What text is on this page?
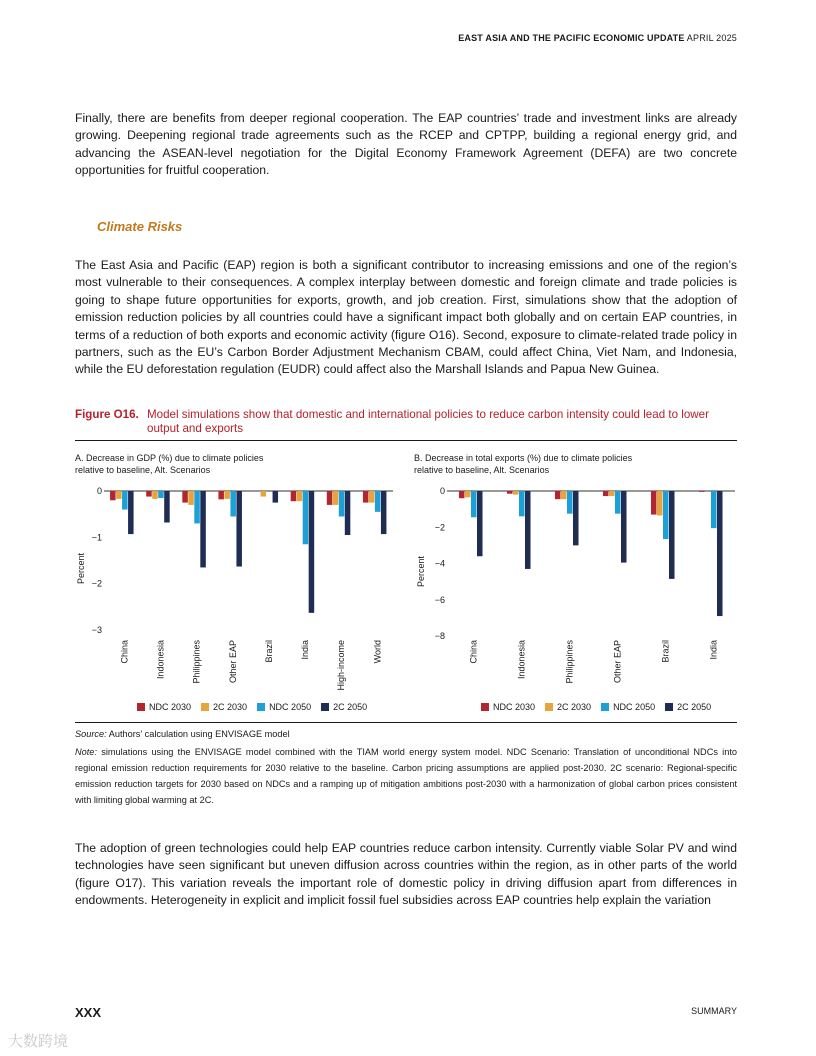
EAST ASIA AND THE PACIFIC ECONOMIC UPDATE APRIL 2025

Finally, there are benefits from deeper regional cooperation. The EAP countries’ trade and investment links are already growing. Deepening regional trade agreements such as the RCEP and CPTPP, building a regional energy grid, and advancing the ASEAN-level negotiation for the Digital Economy Framework Agreement (DEFA) are two concrete opportunities for fruitful cooperation.

Climate Risks

The East Asia and Pacific (EAP) region is both a significant contributor to increasing emissions and one of the region’s most vulnerable to their consequences. A complex interplay between domestic and foreign climate and trade policies is going to shape future opportunities for exports, growth, and job creation. First, simulations show that the adoption of emission reduction policies by all countries could have a significant impact both globally and on certain EAP countries, in terms of a reduction of both exports and economic activity (figure O16). Second, exposure to climate-related trade policy in partners, such as the EU’s Carbon Border Adjustment Mechanism CBAM, could affect China, Viet Nam, and Indonesia, while the EU deforestation regulation (EUDR) could affect also the Marshall Islands and Papua New Guinea.

Figure O16. Model simulations show that domestic and international policies to reduce carbon intensity could lead to lower output and exports
A. Decrease in GDP (%) due to climate policies
relative to baseline, Alt. Scenarios
B. Decrease in total exports (%) due to climate policies
relative to baseline, Alt. Scenarios
0
−1
−2
−3
Percent
China	Indonesia	Philippines	Other EAP	Brazil	India	High-income	World
0
−2
−4
−6
−8
Percent
China	Indonesia	Philippines	Other EAP	Brazil	India
NDC 2030 2C 2030 NDC 2050 2C 2050	NDC 2030 2C 2030 NDC 2050 2C 2050
Source: Authors’ calculation using ENVISAGE model

Note: simulations using the ENVISAGE model combined with the TIAM world energy system model. NDC Scenario: Translation of unconditional NDCs into regional emission reduction requirements for 2030 relative to the baseline. Carbon pricing assumptions are applied post-2030. 2C scenario: Regional-specific emission reduction targets for 2030 based on NDCs and a ramping up of mitigation ambitions post-2030 with a harmonization of global carbon prices consistent with limiting global warming at 2C.

The adoption of green technologies could help EAP countries reduce carbon intensity. Currently viable Solar PV and wind technologies have seen significant but uneven diffusion across countries within the region, as in other parts of the world (figure O17). This variation reveals the important role of domestic policy in driving diffusion apart from differences in endowments. Heterogeneity in explicit and implicit fossil fuel subsidies across EAP countries help explain the variation

XXX	SUMMARY
大数跨境
